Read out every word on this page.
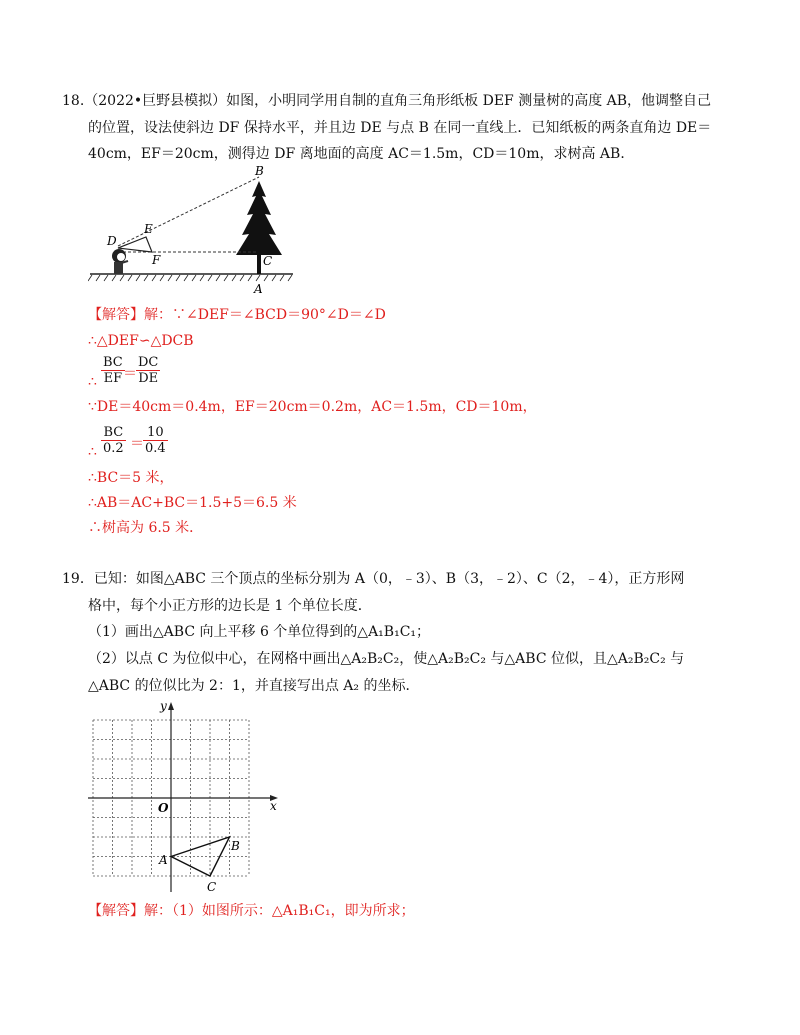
18.（2022•巨野县模拟）如图，小明同学用自制的直角三角形纸板 DEF 测量树的高度 AB，他调整自己
的位置，设法使斜边 DF 保持水平，并且边 DE 与点 B 在同一直线上．已知纸板的两条直角边 DE＝
40cm，EF＝20cm，测得边 DF 离地面的高度 AC＝1.5m，CD＝10m，求树高 AB．
B
E
D
F	C
A
【解答】解：∵∠DEF＝∠BCD＝90°∠D＝∠D
∴△DEF∽△DCB
∴ $\frac{BC}{EF}$
＝ $\frac{DC}{DE}$
∵DE＝40cm＝0.4m，EF＝20cm＝0.2m，AC＝1.5m，CD＝10m，
∴ $\frac{BC}{0.2} = \frac{10}{0.4}$
∴BC＝5 米，
∴AB＝AC+BC＝1.5+5＝6.5 米
∴树高为 6.5 米．
19．已知：如图△ABC 三个顶点的坐标分别为 A（0，﹣3）、B（3，﹣2）、C（2，﹣4），正方形网
格中，每个小正方形的边长是 1 个单位长度．
（1）画出△ABC 向上平移 6 个单位得到的△A₁B₁C₁；
（2）以点 C 为位似中心，在网格中画出△A₂B₂C₂，使△A₂B₂C₂ 与△ABC 位似，且△A₂B₂C₂ 与
△ABC 的位似比为 2：1，并直接写出点 A₂ 的坐标．
y
x
O
A
B
C
【解答】解：（1）如图所示：△A₁B₁C₁，即为所求；
